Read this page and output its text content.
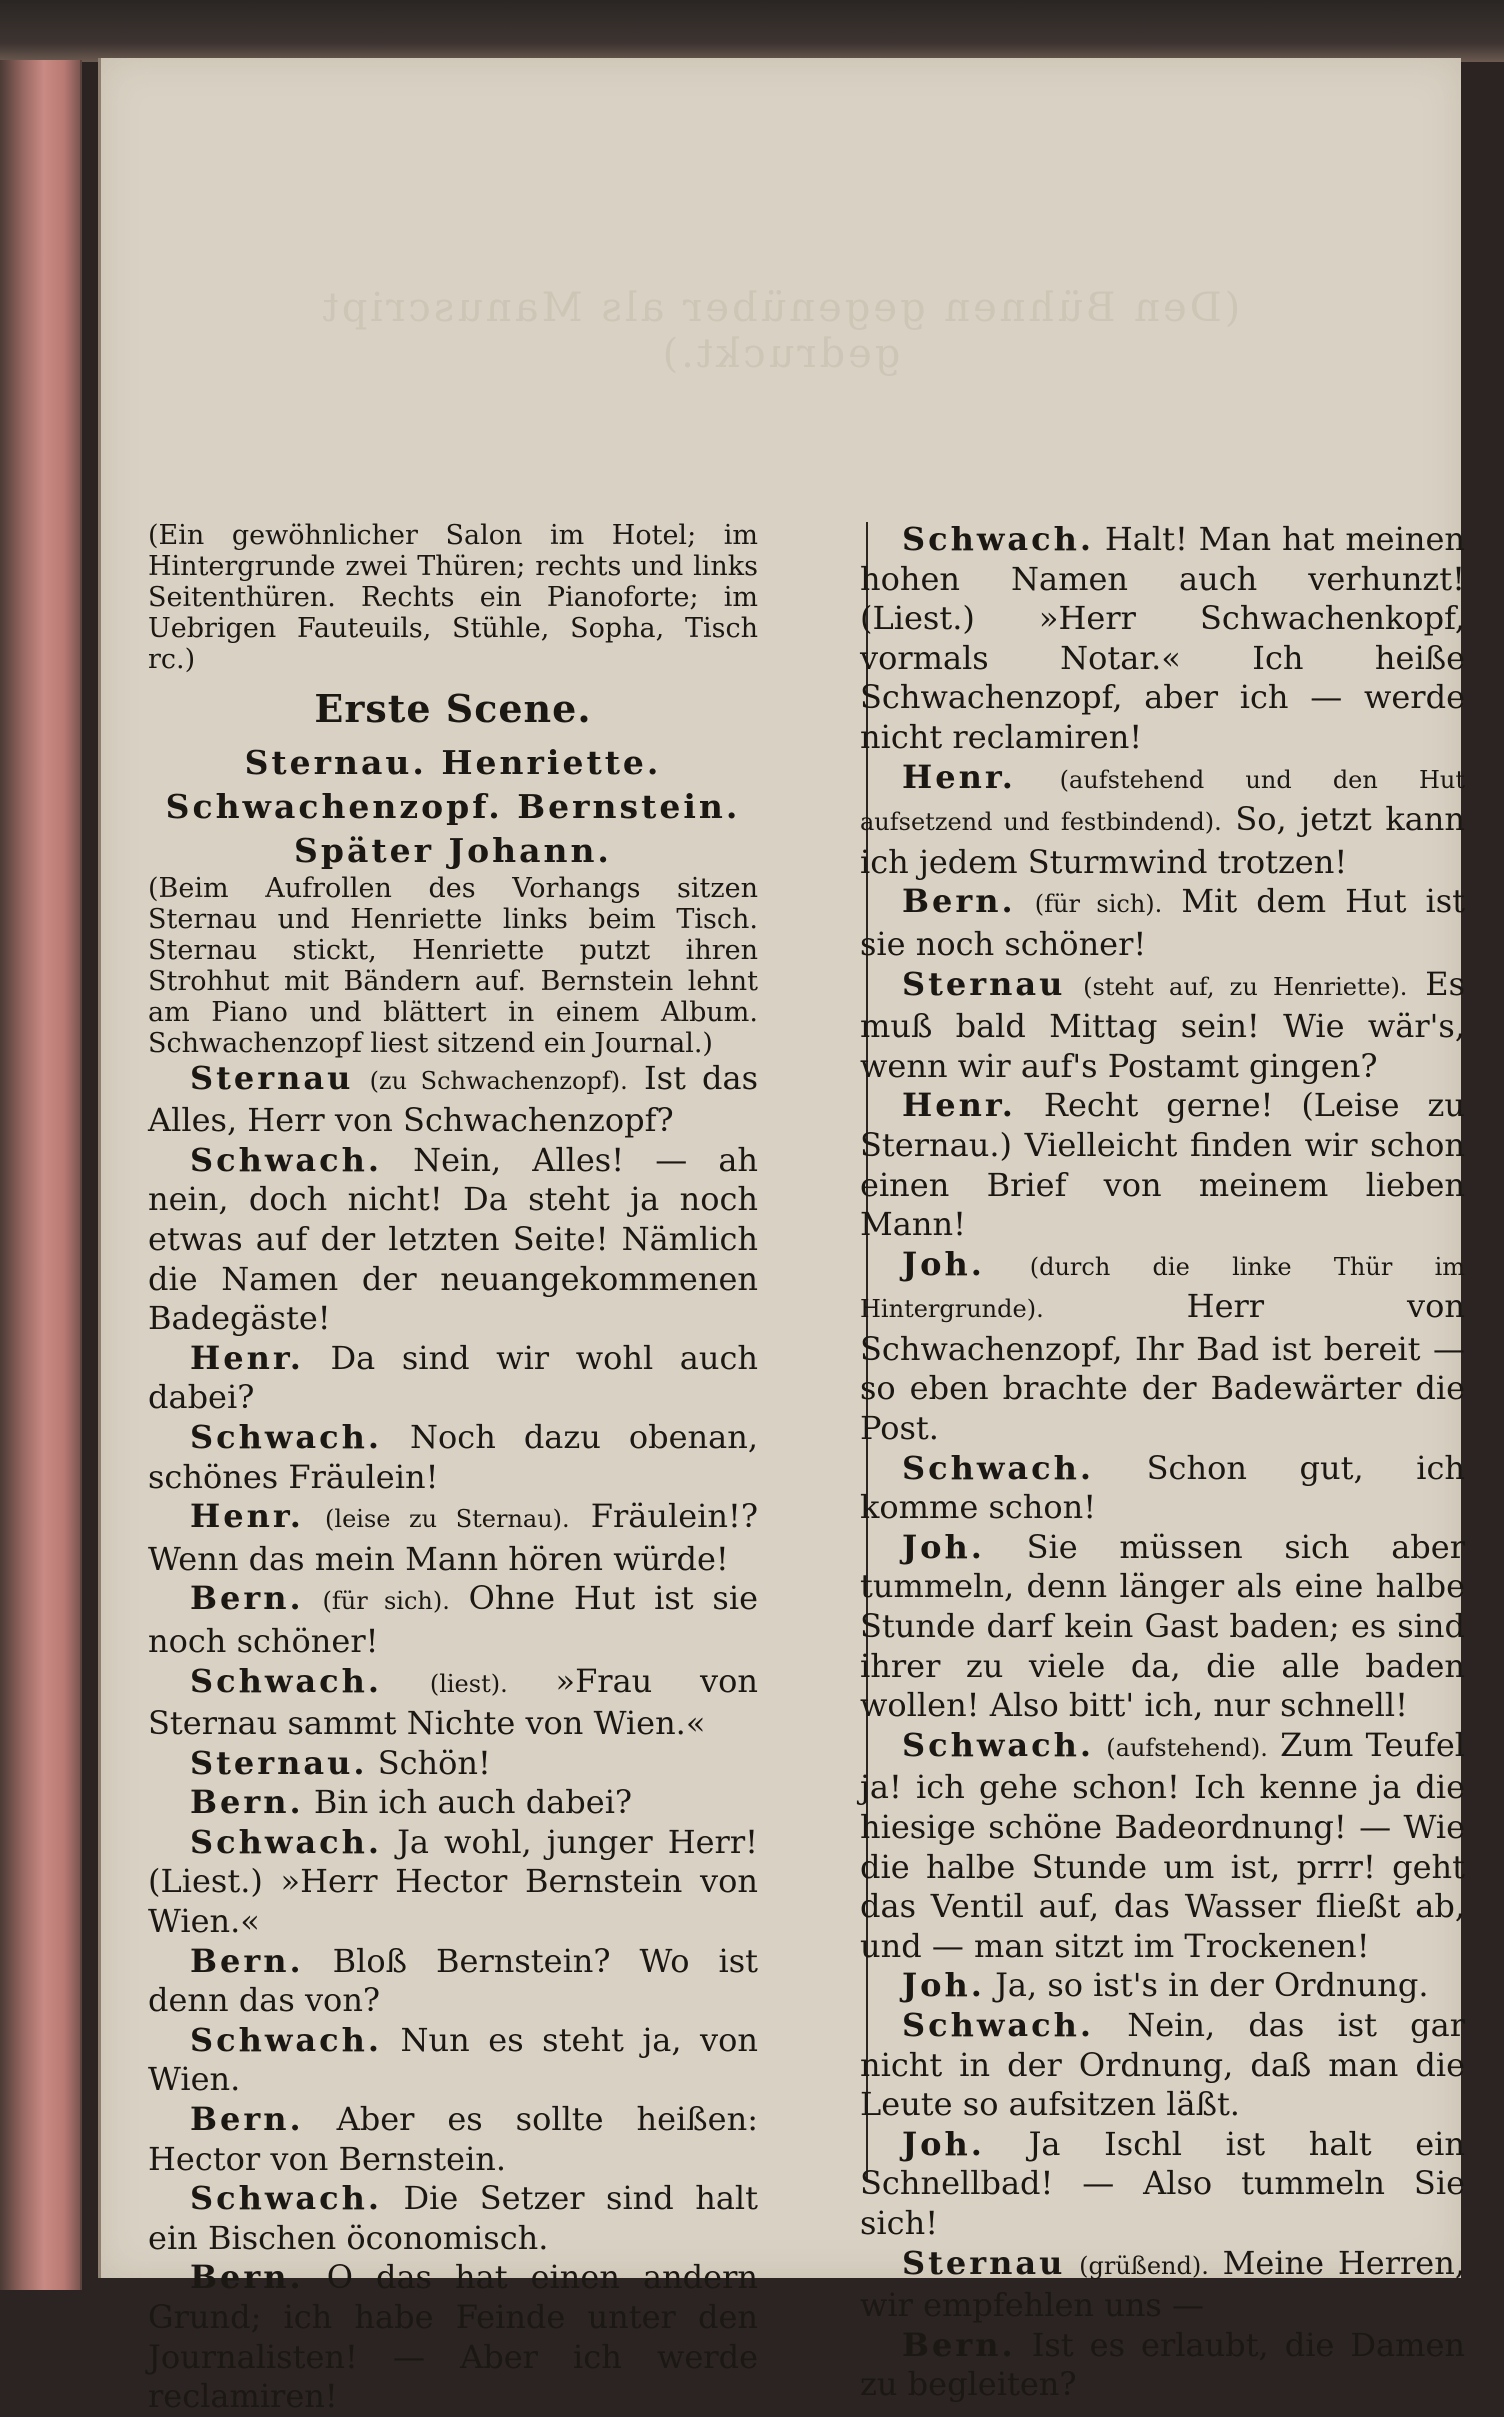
(Den Bühnen gegenüber als Manuscript gedruckt.)

(Ein gewöhnlicher Salon im Hotel; im Hintergrunde zwei Thüren; rechts und links Seitenthüren. Rechts ein Pianoforte; im Uebrigen Fauteuils, Stühle, Sopha, Tisch rc.)

Erste Scene.

Sternau. Henriette. Schwachenzopf. Bernstein. Später Johann.

(Beim Aufrollen des Vorhangs sitzen Sternau und Henriette links beim Tisch. Sternau stickt, Henriette putzt ihren Strohhut mit Bändern auf. Bernstein lehnt am Piano und blättert in einem Album. Schwachenzopf liest sitzend ein Journal.)

Sternau (zu Schwachenzopf). Ist das Alles, Herr von Schwachenzopf?

Schwach. Nein, Alles! — ah nein, doch nicht! Da steht ja noch etwas auf der letzten Seite! Nämlich die Namen der neuangekommenen Badegäste!

Henr. Da sind wir wohl auch dabei?

Schwach. Noch dazu obenan, schönes Fräulein!

Henr. (leise zu Sternau). Fräulein!? Wenn das mein Mann hören würde!

Bern. (für sich). Ohne Hut ist sie noch schöner!

Schwach. (liest). »Frau von Sternau sammt Nichte von Wien.«

Sternau. Schön!

Bern. Bin ich auch dabei?

Schwach. Ja wohl, junger Herr! (Liest.) »Herr Hector Bernstein von Wien.«

Bern. Bloß Bernstein? Wo ist denn das von?

Schwach. Nun es steht ja, von Wien.

Bern. Aber es sollte heißen: Hector von Bernstein.

Schwach. Die Setzer sind halt ein Bischen öconomisch.

Bern. O das hat einen andern Grund; ich habe Feinde unter den Journalisten! — Aber ich werde reclamiren!

Schwach. Halt! Man hat meinen hohen Namen auch verhunzt! (Liest.) »Herr Schwachenkopf, vormals Notar.« Ich heiße Schwachenzopf, aber ich — werde nicht reclamiren!

Henr. (aufstehend und den Hut aufsetzend und festbindend). So, jetzt kann ich jedem Sturmwind trotzen!

Bern. (für sich). Mit dem Hut ist sie noch schöner!

Sternau (steht auf, zu Henriette). Es muß bald Mittag sein! Wie wär's, wenn wir auf's Postamt gingen?

Henr. Recht gerne! (Leise zu Sternau.) Vielleicht finden wir schon einen Brief von meinem lieben Mann!

Joh. (durch die linke Thür im Hintergrunde).	Herr von Schwachenzopf, Ihr Bad ist bereit — so eben brachte der Badewärter die Post.

Schwach. Schon gut, ich komme schon!

Joh. Sie müssen sich aber tummeln, denn länger als eine halbe Stunde darf kein Gast baden; es sind ihrer zu viele da, die alle baden wollen! Also bitt' ich, nur schnell!

Schwach. (aufstehend). Zum Teufel ja! ich gehe schon! Ich kenne ja die hiesige schöne Badeordnung! — Wie die halbe Stunde um ist, prrr! geht das Ventil auf, das Wasser fließt ab, und — man sitzt im Trockenen!

Joh. Ja, so ist's in der Ordnung.

Schwach. Nein, das ist gar nicht in der Ordnung, daß man die Leute so aufsitzen läßt.

Joh. Ja Ischl ist halt ein Schnellbad! — Also tummeln Sie sich!

Sternau (grüßend). Meine Herren, wir empfehlen uns —

Bern. Ist es erlaubt, die Damen zu begleiten?
